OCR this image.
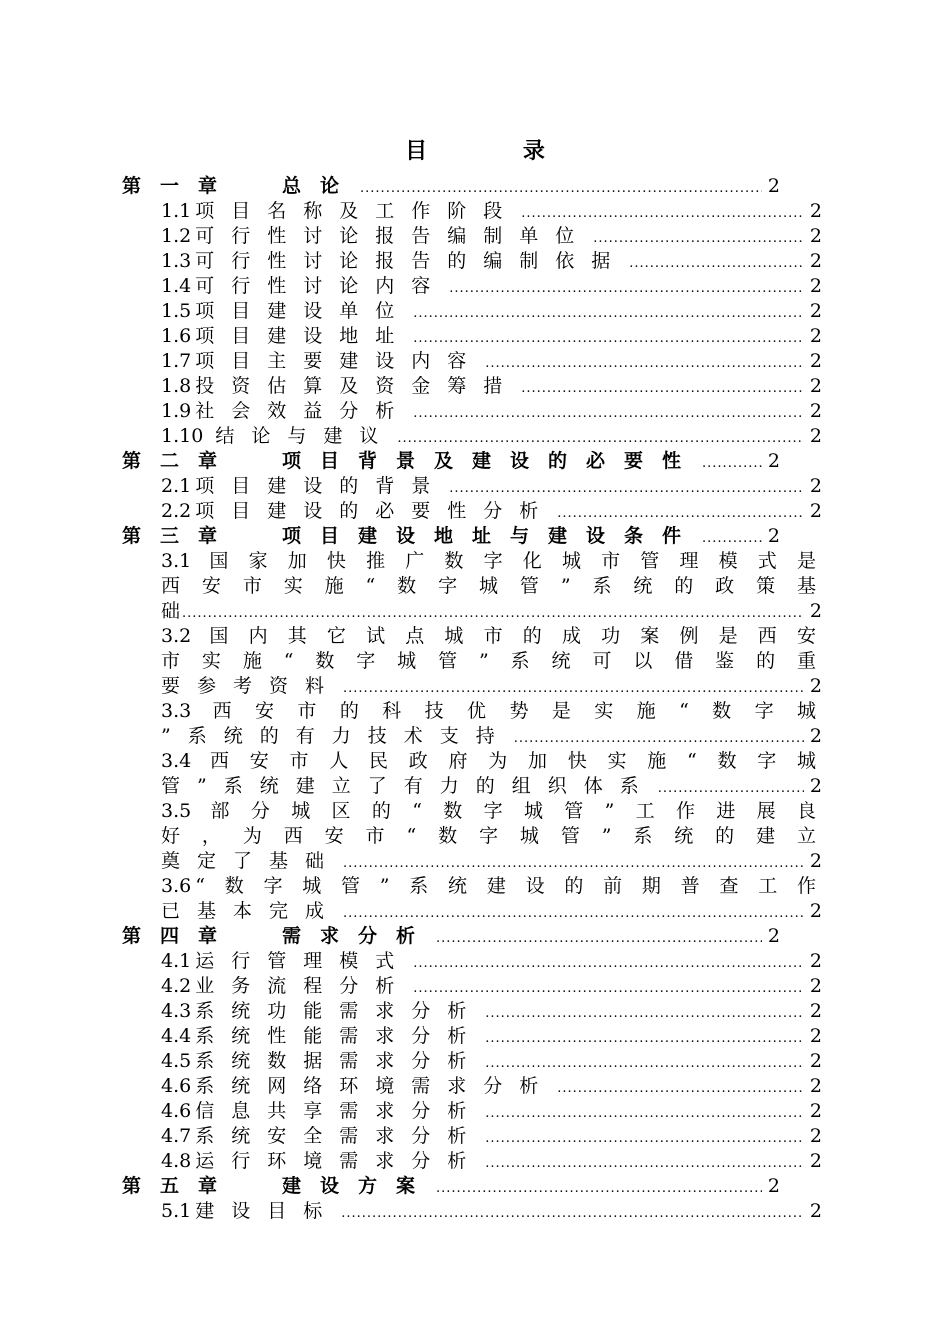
目 录
第一章 总论 .....	2
1.1 项目名称及工作阶段 .....	2
1.2 可行性讨论报告编制单位 .....	2
1.3 可行性讨论报告的编制依据 .....	2
1.4 可行性讨论内容 .....	2
1.5 项目建设单位 .....	2
1.6 项目建设地址 .....	2
1.7 项目主要建设内容 .....	2
1.8 投资估算及资金筹措 .....	2
1.9 社会效益分析 .....	2
1.10 结论与建议 .....	2
第二章 项目背景及建设的必要性 .....	2
2.1 项目建设的背景 .....	2
2.2 项目建设的必要性分析 .....	2
第三章 项目建设地址与建设条件 .....	2
3.1 国家加快推广数字化城市管理模式是
西安市实施“数字城管”系统的政策基
础 .....	2
3.2 国内其它试点城市的成功案例是西安
市实施“数字城管”系统可以借鉴的重
要参考资料 .....	2
3.3 西安市的科技优势是实施“数字城
”系统的有力技术支持 .....	2
3.4 西安市人民政府为加快实施“数字城
管”系统建立了有力的组织体系 .....	2
3.5 部分城区的“数字城管”工作进展良
好，为西安市“数字城管”系统的建立
奠定了基础 .....	2
3.6 “数字城管”系统建设的前期普查工作
已基本完成 .....	2
第四章 需求分析 .....	2
4.1 运行管理模式 .....	2
4.2 业务流程分析 .....	2
4.3 系统功能需求分析 .....	2
4.4 系统性能需求分析 .....	2
4.5 系统数据需求分析 .....	2
4.6 系统网络环境需求分析 .....	2
4.6 信息共享需求分析 .....	2
4.7 系统安全需求分析 .....	2
4.8 运行环境需求分析 .....	2
第五章 建设方案 .....	2
5.1 建设目标 .....	2
